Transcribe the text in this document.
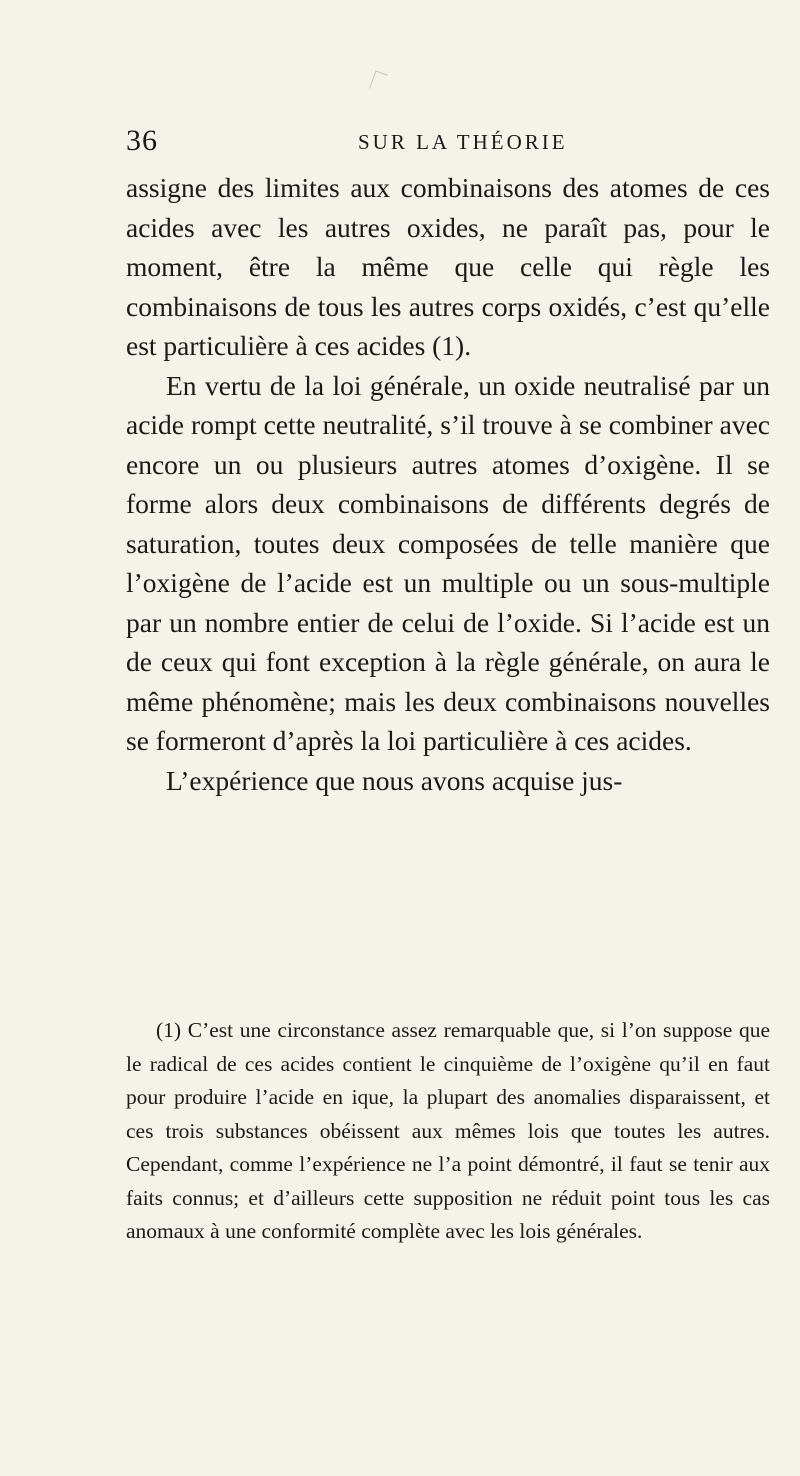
36	SUR LA THÉORIE

assigne des limites aux combinaisons des atomes de ces acides avec les autres oxides, ne paraît pas, pour le moment, être la même que celle qui règle les combinaisons de tous les autres corps oxidés, c’est qu’elle est particulière à ces acides (1).

En vertu de la loi générale, un oxide neutralisé par un acide rompt cette neutralité, s’il trouve à se combiner avec encore un ou plusieurs autres atomes d’oxigène. Il se forme alors deux combinaisons de différents degrés de saturation, toutes deux composées de telle manière que l’oxigène de l’acide est un multiple ou un sous-multiple par un nombre entier de celui de l’oxide. Si l’acide est un de ceux qui font exception à la règle générale, on aura le même phénomène; mais les deux combinaisons nouvelles se formeront d’après la loi particulière à ces acides.

L’expérience que nous avons acquise jus-

(1) C’est une circonstance assez remarquable que, si l’on suppose que le radical de ces acides contient le cinquième de l’oxigène qu’il en faut pour produire l’acide en ique, la plupart des anomalies disparaissent, et ces trois substances obéissent aux mêmes lois que toutes les autres. Cependant, comme l’expérience ne l’a point démontré, il faut se tenir aux faits connus; et d’ailleurs cette supposition ne réduit point tous les cas anomaux à une conformité complète avec les lois générales.
